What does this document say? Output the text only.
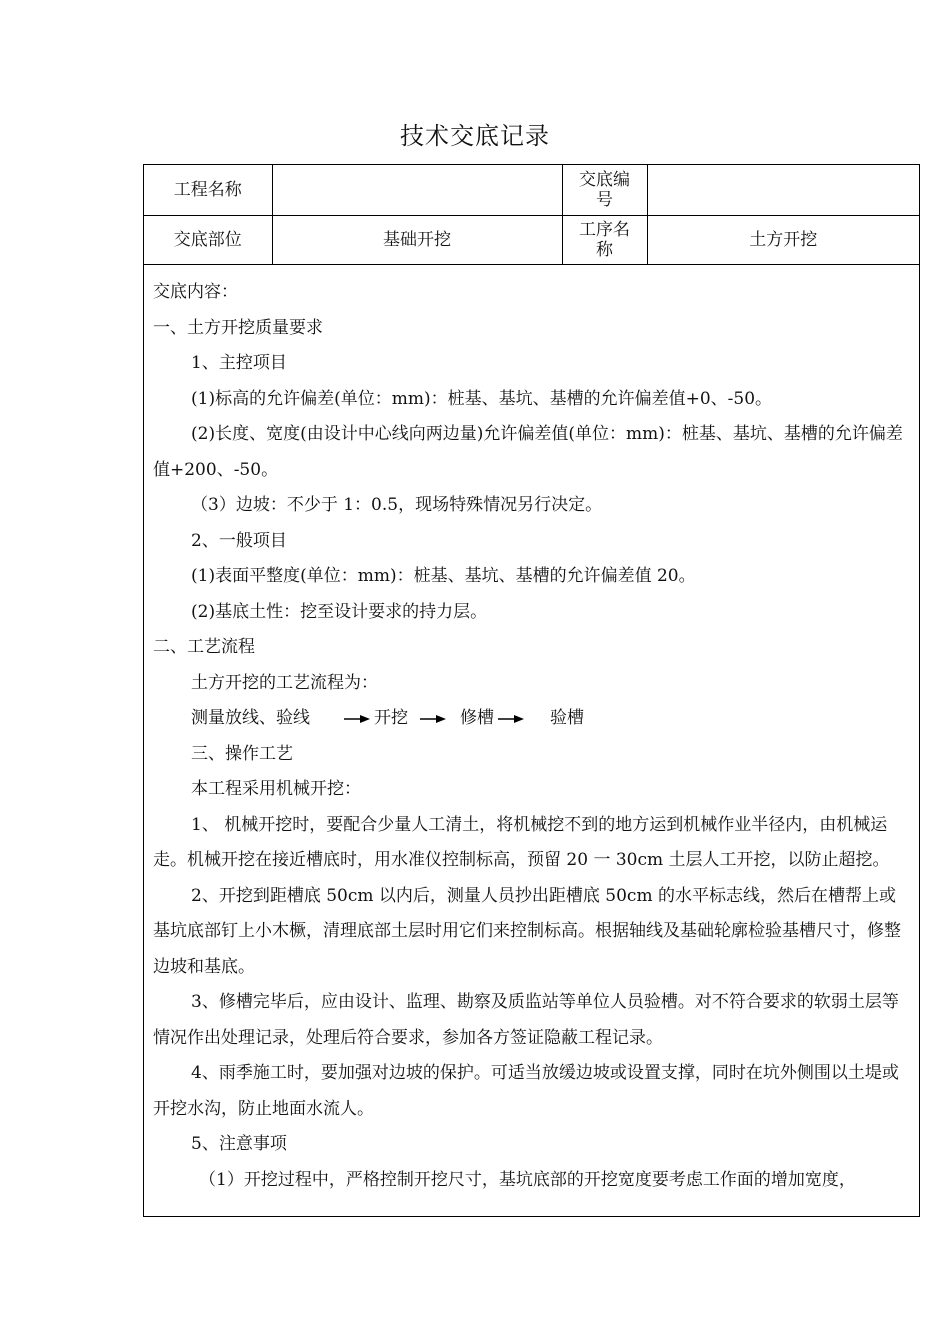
技术交底记录
工程名称		交底编
号	
交底部位	基础开挖	工序名
称	土方开挖

交底内容：

一、土方开挖质量要求

1、主控项目

(1)标高的允许偏差(单位：mm)：桩基、基坑、基槽的允许偏差值+0、-50。

(2)长度、宽度(由设计中心线向两边量)允许偏差值(单位：mm)：桩基、基坑、基槽的允许偏差值+200、-50。

（3）边坡：不少于 1：0.5，现场特殊情况另行决定。

2、一般项目

(1)表面平整度(单位：mm)：桩基、基坑、基槽的允许偏差值 20。

(2)基底土性：挖至设计要求的持力层。

二、工艺流程

土方开挖的工艺流程为：

测量放线、验线	开挖	修槽	验槽

三、操作工艺

本工程采用机械开挖：

1、 机械开挖时，要配合少量人工清土，将机械挖不到的地方运到机械作业半径内，由机械运走。机械开挖在接近槽底时，用水准仪控制标高，预留 20 一 30cm 土层人工开挖，以防止超挖。

2、开挖到距槽底 50cm 以内后，测量人员抄出距槽底 50cm 的水平标志线，然后在槽帮上或基坑底部钉上小木橛，清理底部土层时用它们来控制标高。根据轴线及基础轮廓检验基槽尺寸，修整边坡和基底。

3、修槽完毕后，应由设计、监理、勘察及质监站等单位人员验槽。对不符合要求的软弱土层等情况作出处理记录，处理后符合要求，参加各方签证隐蔽工程记录。

4、雨季施工时，要加强对边坡的保护。可适当放缓边坡或设置支撑，同时在坑外侧围以土堤或开挖水沟，防止地面水流人。

5、注意事项

（1）开挖过程中，严格控制开挖尺寸，基坑底部的开挖宽度要考虑工作面的增加宽度，
